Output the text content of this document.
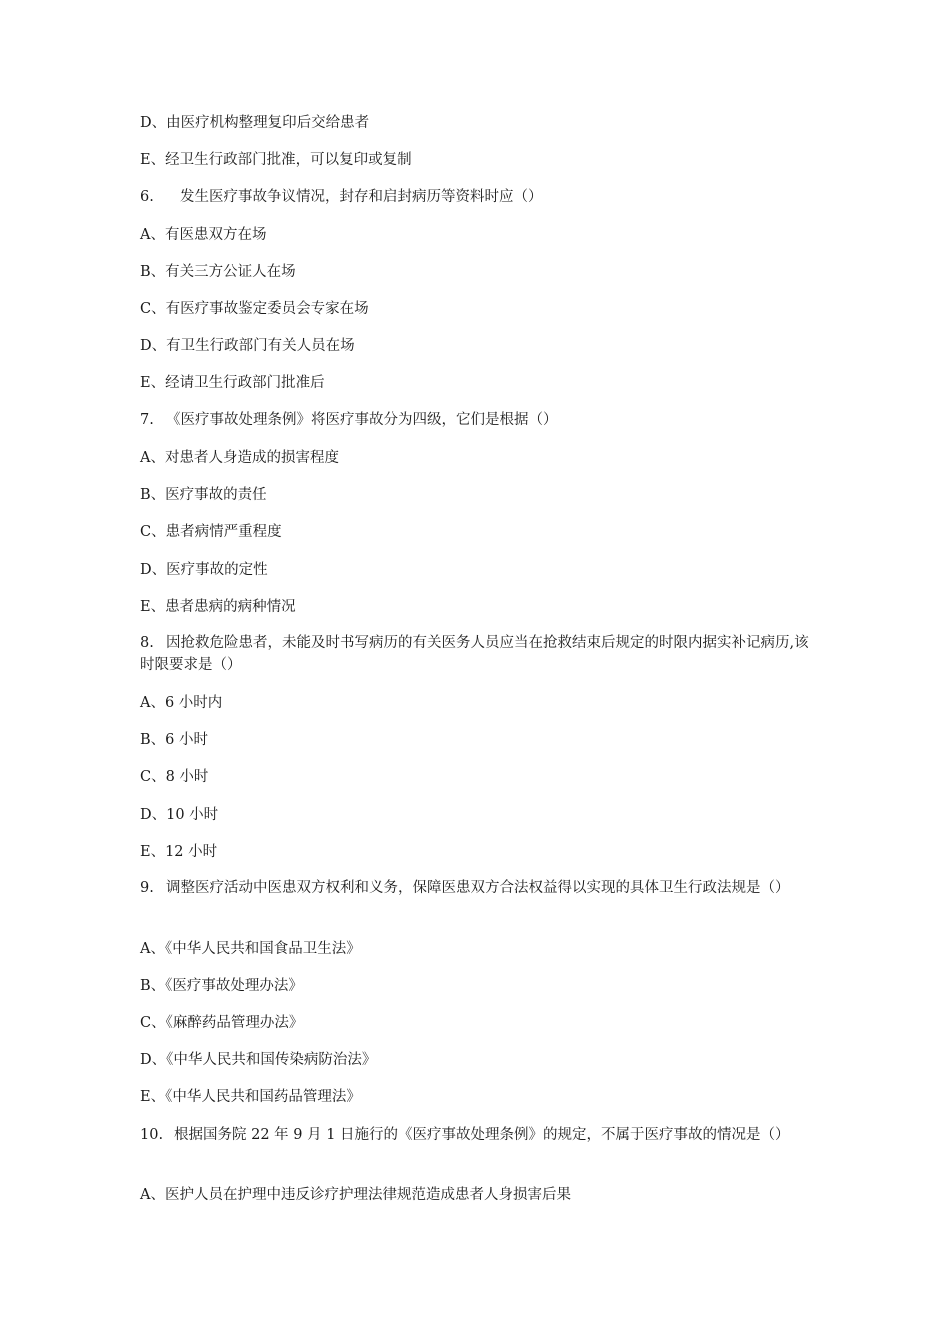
D、由医疗机构整理复印后交给患者
E、经卫生行政部门批准，可以复印或复制
6. 发生医疗事故争议情况，封存和启封病历等资料时应（）
A、有医患双方在场
B、有关三方公证人在场
C、有医疗事故鉴定委员会专家在场
D、有卫生行政部门有关人员在场
E、经请卫生行政部门批准后
7. 《医疗事故处理条例》将医疗事故分为四级，它们是根据（）
A、对患者人身造成的损害程度
B、医疗事故的责任
C、患者病情严重程度
D、医疗事故的定性
E、患者患病的病种情况
8. 因抢救危险患者，未能及时书写病历的有关医务人员应当在抢救结束后规定的时限内据实补记病历,该时限要求是（）
A、6 小时内
B、6 小时
C、8 小时
D、10 小时
E、12 小时
9. 调整医疗活动中医患双方权利和义务，保障医患双方合法权益得以实现的具体卫生行政法规是（）
A、《中华人民共和国食品卫生法》
B、《医疗事故处理办法》
C、《麻醉药品管理办法》
D、《中华人民共和国传染病防治法》
E、《中华人民共和国药品管理法》
10. 根据国务院 22 年 9 月 1 日施行的《医疗事故处理条例》的规定，不属于医疗事故的情况是（）
A、医护人员在护理中违反诊疗护理法律规范造成患者人身损害后果
